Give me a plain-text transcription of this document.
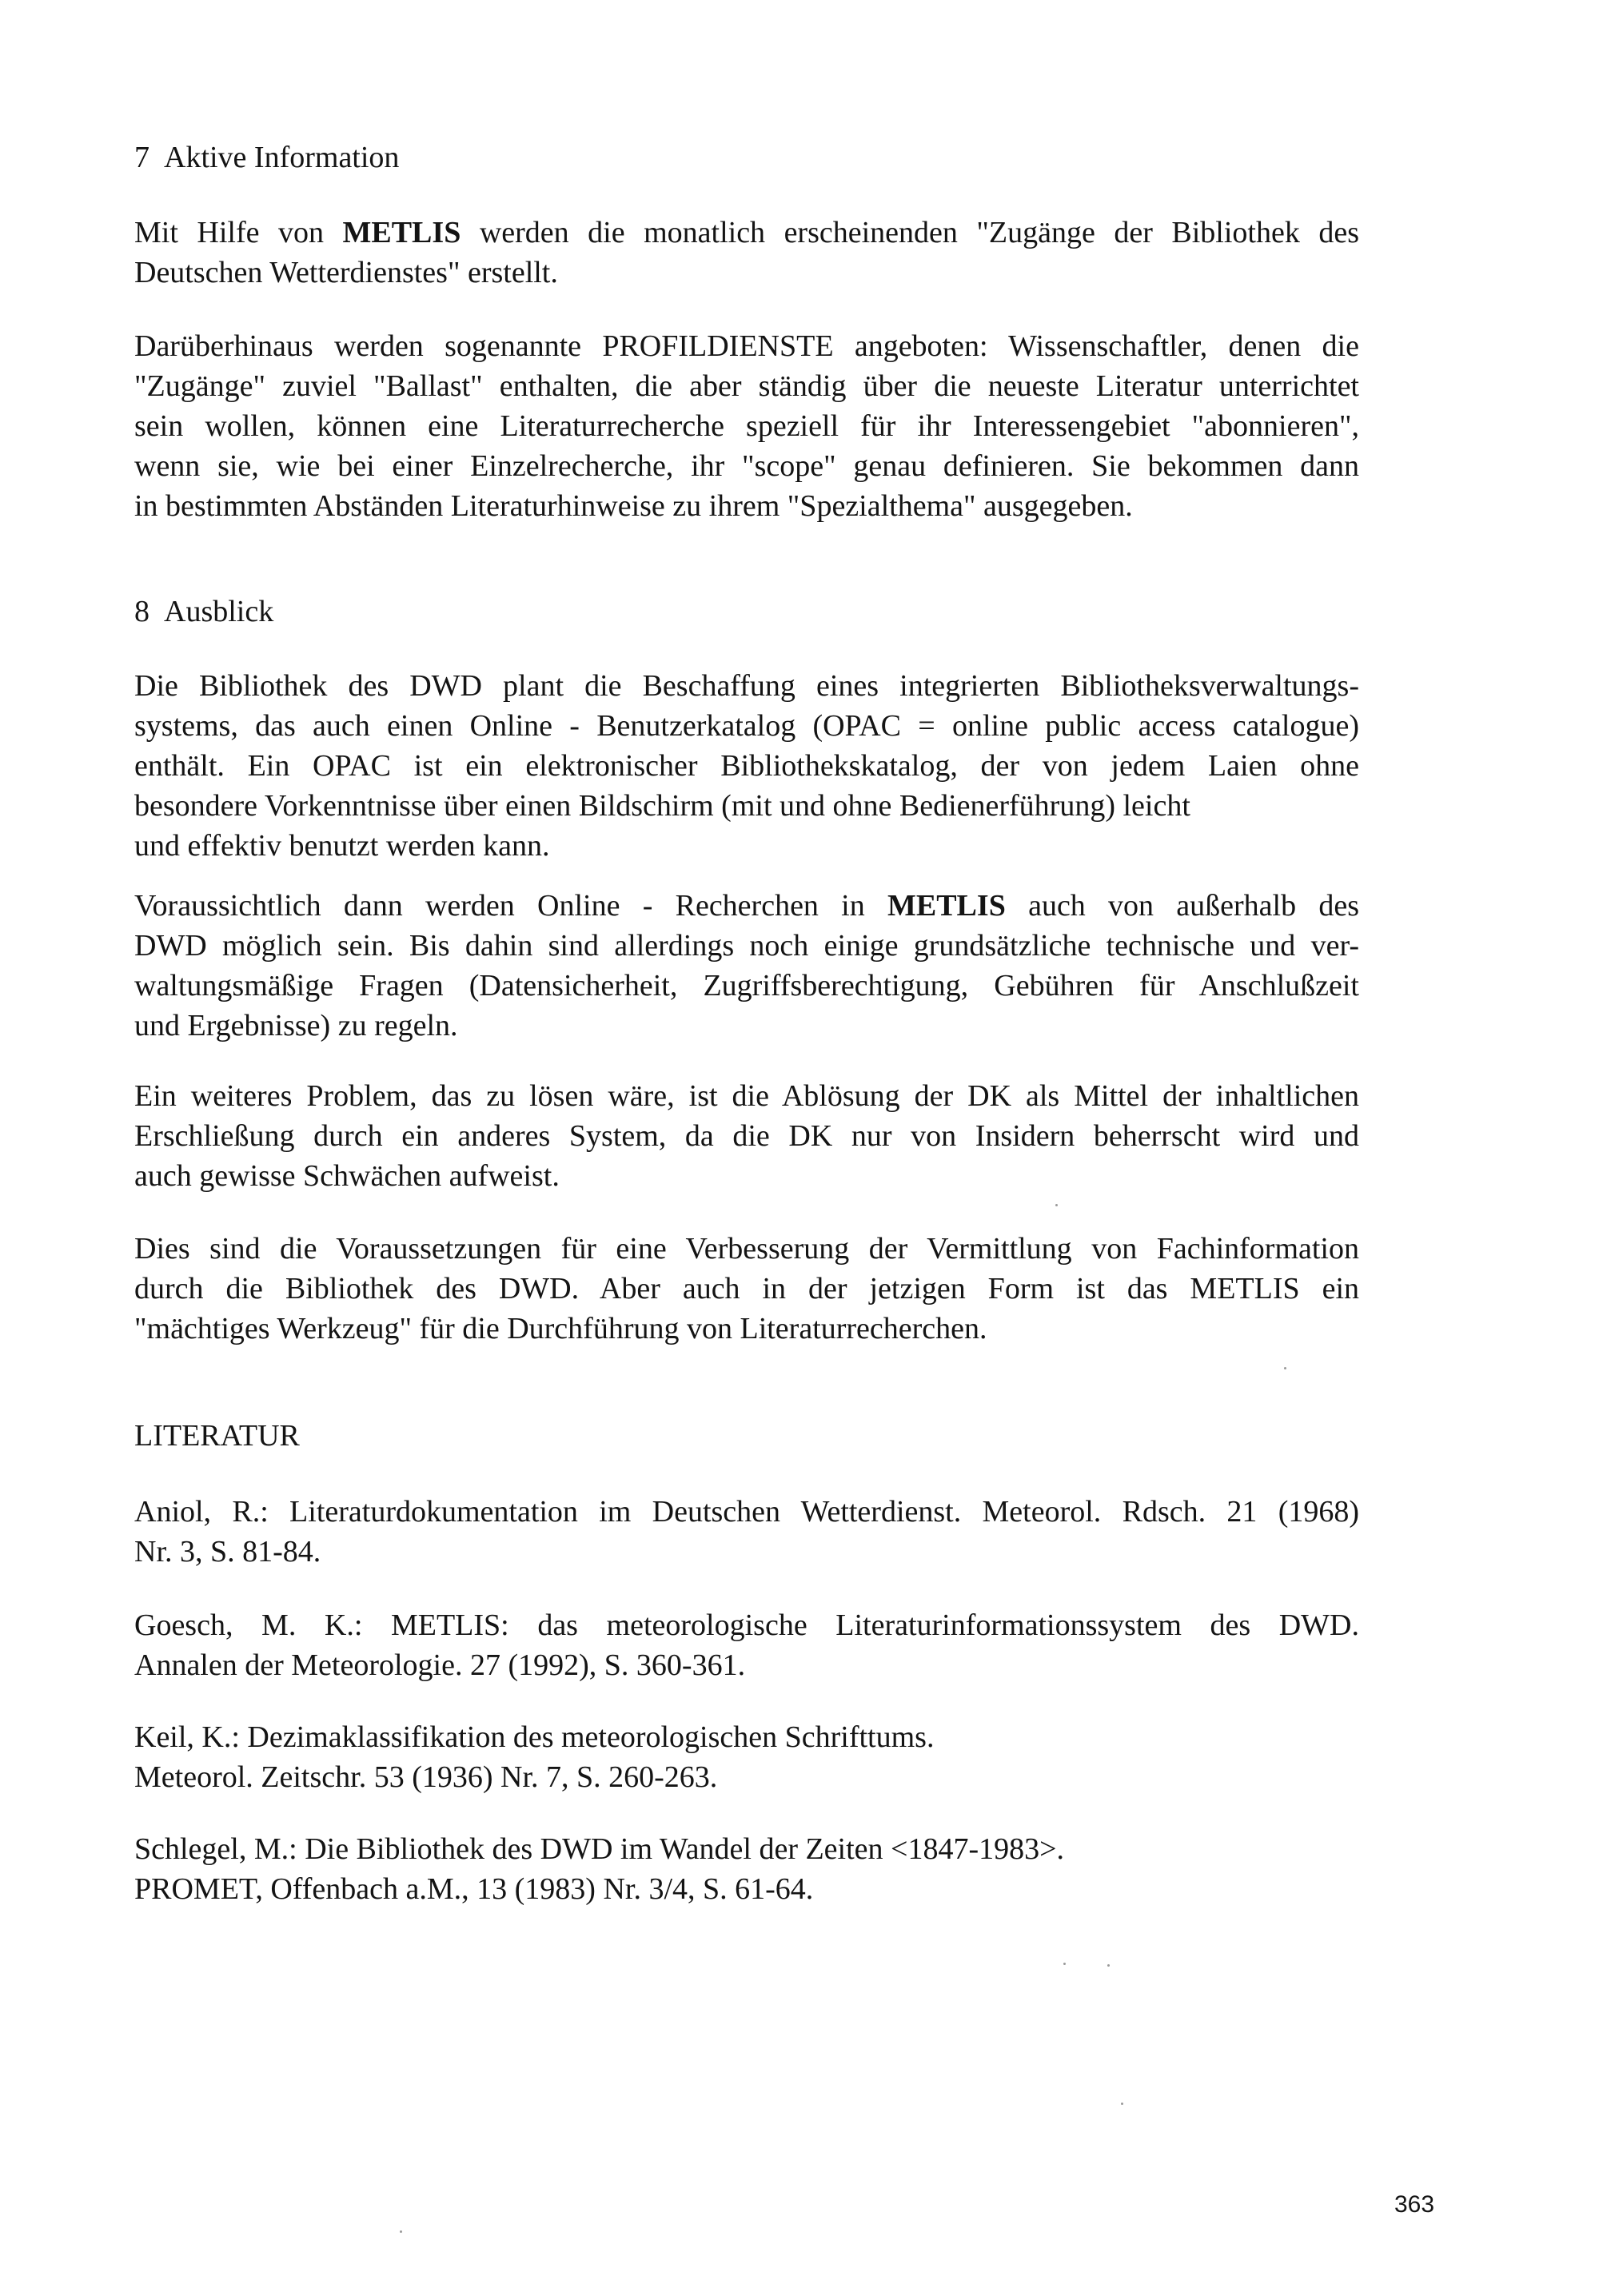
7 Aktive Information

Mit Hilfe von METLIS werden die monatlich erscheinenden "Zugänge der Bibliothek des
Deutschen Wetterdienstes" erstellt.

Darüberhinaus werden sogenannte PROFILDIENSTE angeboten: Wissenschaftler, denen die
"Zugänge" zuviel "Ballast" enthalten, die aber ständig über die neueste Literatur unterrichtet
sein wollen, können eine Literaturrecherche speziell für ihr Interessengebiet "abonnieren",
wenn sie, wie bei einer Einzelrecherche, ihr "scope" genau definieren. Sie bekommen dann
in bestimmten Abständen Literaturhinweise zu ihrem "Spezialthema" ausgegeben.

8 Ausblick

Die Bibliothek des DWD plant die Beschaffung eines integrierten Bibliotheksverwaltungs-
systems, das auch einen Online - Benutzerkatalog (OPAC = online public access catalogue)
enthält. Ein OPAC ist ein elektronischer Bibliothekskatalog, der von jedem Laien ohne
besondere Vorkenntnisse über einen Bildschirm (mit und ohne Bedienerführung) leicht
und effektiv benutzt werden kann.

Voraussichtlich dann werden Online - Recherchen in METLIS auch von außerhalb des
DWD möglich sein. Bis dahin sind allerdings noch einige grundsätzliche technische und ver-
waltungsmäßige Fragen (Datensicherheit, Zugriffsberechtigung, Gebühren für Anschlußzeit
und Ergebnisse) zu regeln.

Ein weiteres Problem, das zu lösen wäre, ist die Ablösung der DK als Mittel der inhaltlichen
Erschließung durch ein anderes System, da die DK nur von Insidern beherrscht wird und
auch gewisse Schwächen aufweist.

Dies sind die Voraussetzungen für eine Verbesserung der Vermittlung von Fachinformation
durch die Bibliothek des DWD. Aber auch in der jetzigen Form ist das METLIS ein
"mächtiges Werkzeug" für die Durchführung von Literaturrecherchen.

LITERATUR

Aniol, R.: Literaturdokumentation im Deutschen Wetterdienst. Meteorol. Rdsch. 21 (1968)
Nr. 3, S. 81-84.

Goesch, M. K.: METLIS: das meteorologische Literaturinformationssystem des DWD.
Annalen der Meteorologie. 27 (1992), S. 360-361.

Keil, K.: Dezimaklassifikation des meteorologischen Schrifttums.
Meteorol. Zeitschr. 53 (1936) Nr. 7, S. 260-263.

Schlegel, M.: Die Bibliothek des DWD im Wandel der Zeiten <1847-1983>.
PROMET, Offenbach a.M., 13 (1983) Nr. 3/4, S. 61-64.

363
